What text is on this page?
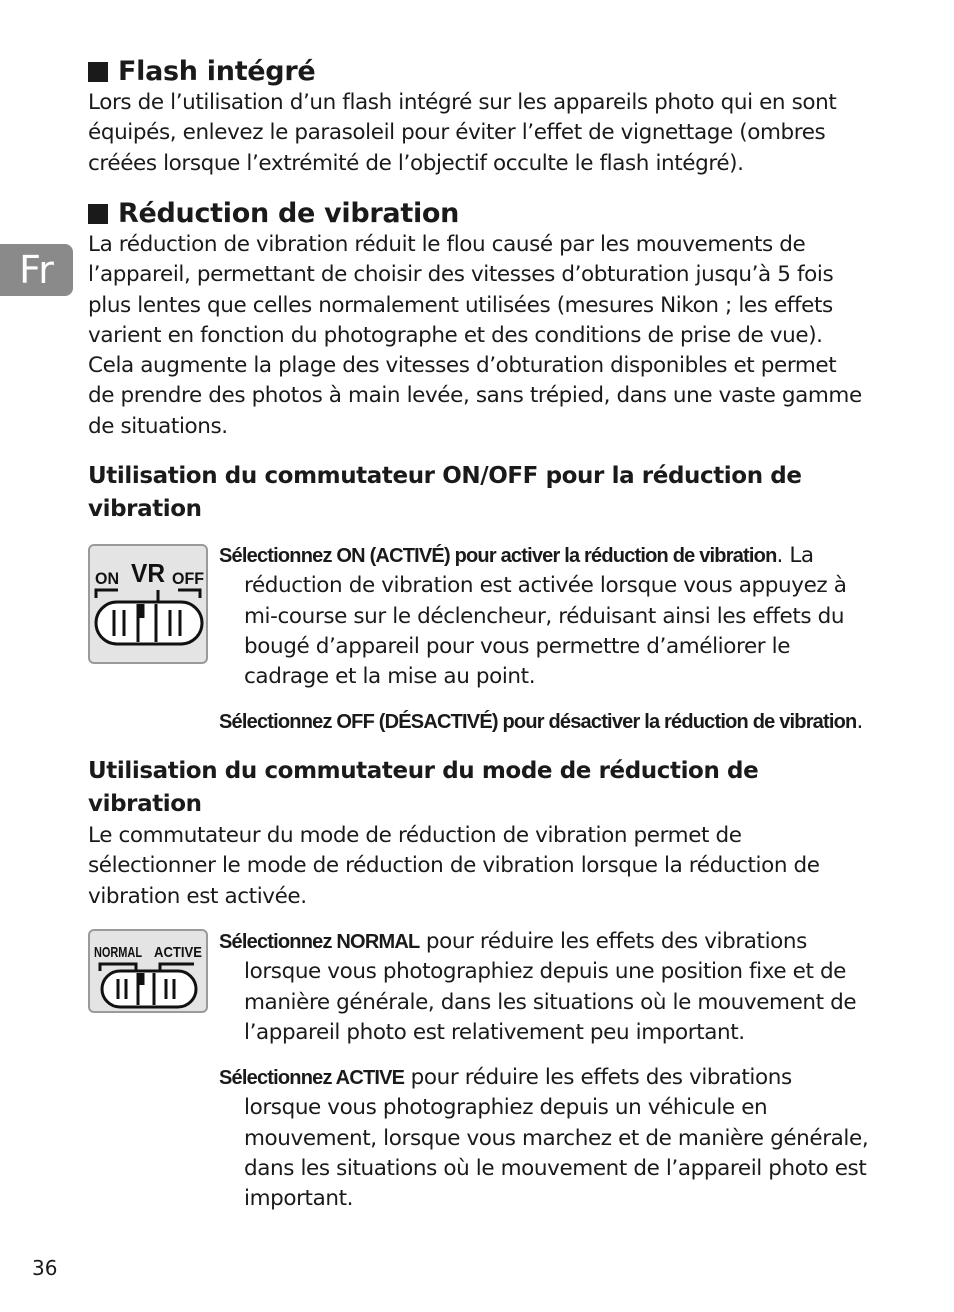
Fr
Flash intégré

Lors de l’utilisation d’un flash intégré sur les appareils photo qui en sont équipés, enlevez le parasoleil pour éviter l’effet de vignettage (ombres créées lorsque l’extrémité de l’objectif occulte le flash intégré).

Réduction de vibration

La réduction de vibration réduit le flou causé par les mouvements de l’appareil, permettant de choisir des vitesses d’obturation jusqu’à 5 fois plus lentes que celles normalement utilisées (mesures Nikon ; les effets varient en fonction du photographe et des conditions de prise de vue). Cela augmente la plage des vitesses d’obturation disponibles et permet de prendre des photos à main levée, sans trépied, dans une vaste gamme de situations.

Utilisation du commutateur ON/OFF pour la réduction de vibration
ON VR OFF
Sélectionnez ON (ACTIVÉ) pour activer la réduction de vibration. La réduction de vibration est activée lorsque vous appuyez à mi-course sur le déclencheur, réduisant ainsi les effets du bougé d’appareil pour vous permettre d’améliorer le cadrage et la mise au point.
Sélectionnez OFF (DÉSACTIVÉ) pour désactiver la réduction de vibration.
Utilisation du commutateur du mode de réduction de vibration

Le commutateur du mode de réduction de vibration permet de sélectionner le mode de réduction de vibration lorsque la réduction de vibration est activée.

NORMAL ACTIVE Sélectionnez NORMAL pour réduire les effets des vibrations lorsque vous photographiez depuis une position fixe et de manière générale, dans les situations où le mouvement de l’appareil photo est relativement peu important.
Sélectionnez ACTIVE pour réduire les effets des vibrations lorsque vous photographiez depuis un véhicule en mouvement, lorsque vous marchez et de manière générale, dans les situations où le mouvement de l’appareil photo est important.
36
